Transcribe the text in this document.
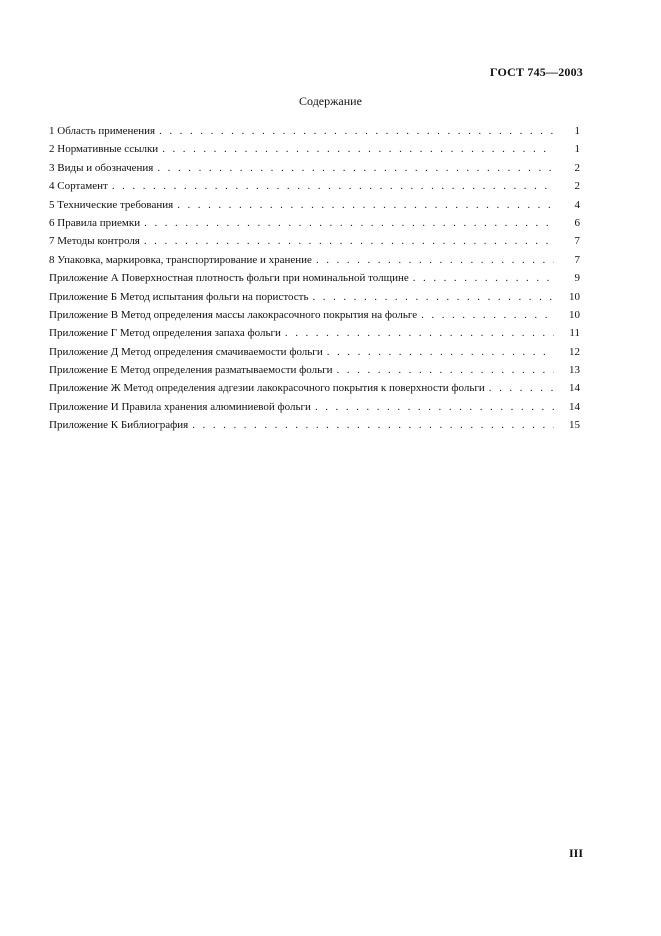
ГОСТ 745—2003
Содержание
1 Область применения . . .	1
2 Нормативные ссылки . . .	1
3 Виды и обозначения . . .	2
4 Сортамент . . .	2
5 Технические требования . . .	4
6 Правила приемки . . .	6
7 Методы контроля . . .	7
8 Упаковка, маркировка, транспортирование и хранение . . .	7
Приложение А Поверхностная плотность фольги при номинальной толщине . . .	9
Приложение Б Метод испытания фольги на пористость . . .	10
Приложение В Метод определения массы лакокрасочного покрытия на фольге . . .	10
Приложение Г Метод определения запаха фольги . . .	11
Приложение Д Метод определения смачиваемости фольги . . .	12
Приложение Е Метод определения разматываемости фольги . . .	13
Приложение Ж Метод определения адгезии лакокрасочного покрытия к поверхности фольги . . .	14
Приложение И Правила хранения алюминиевой фольги . . .	14
Приложение К Библиография . . .	15
III
